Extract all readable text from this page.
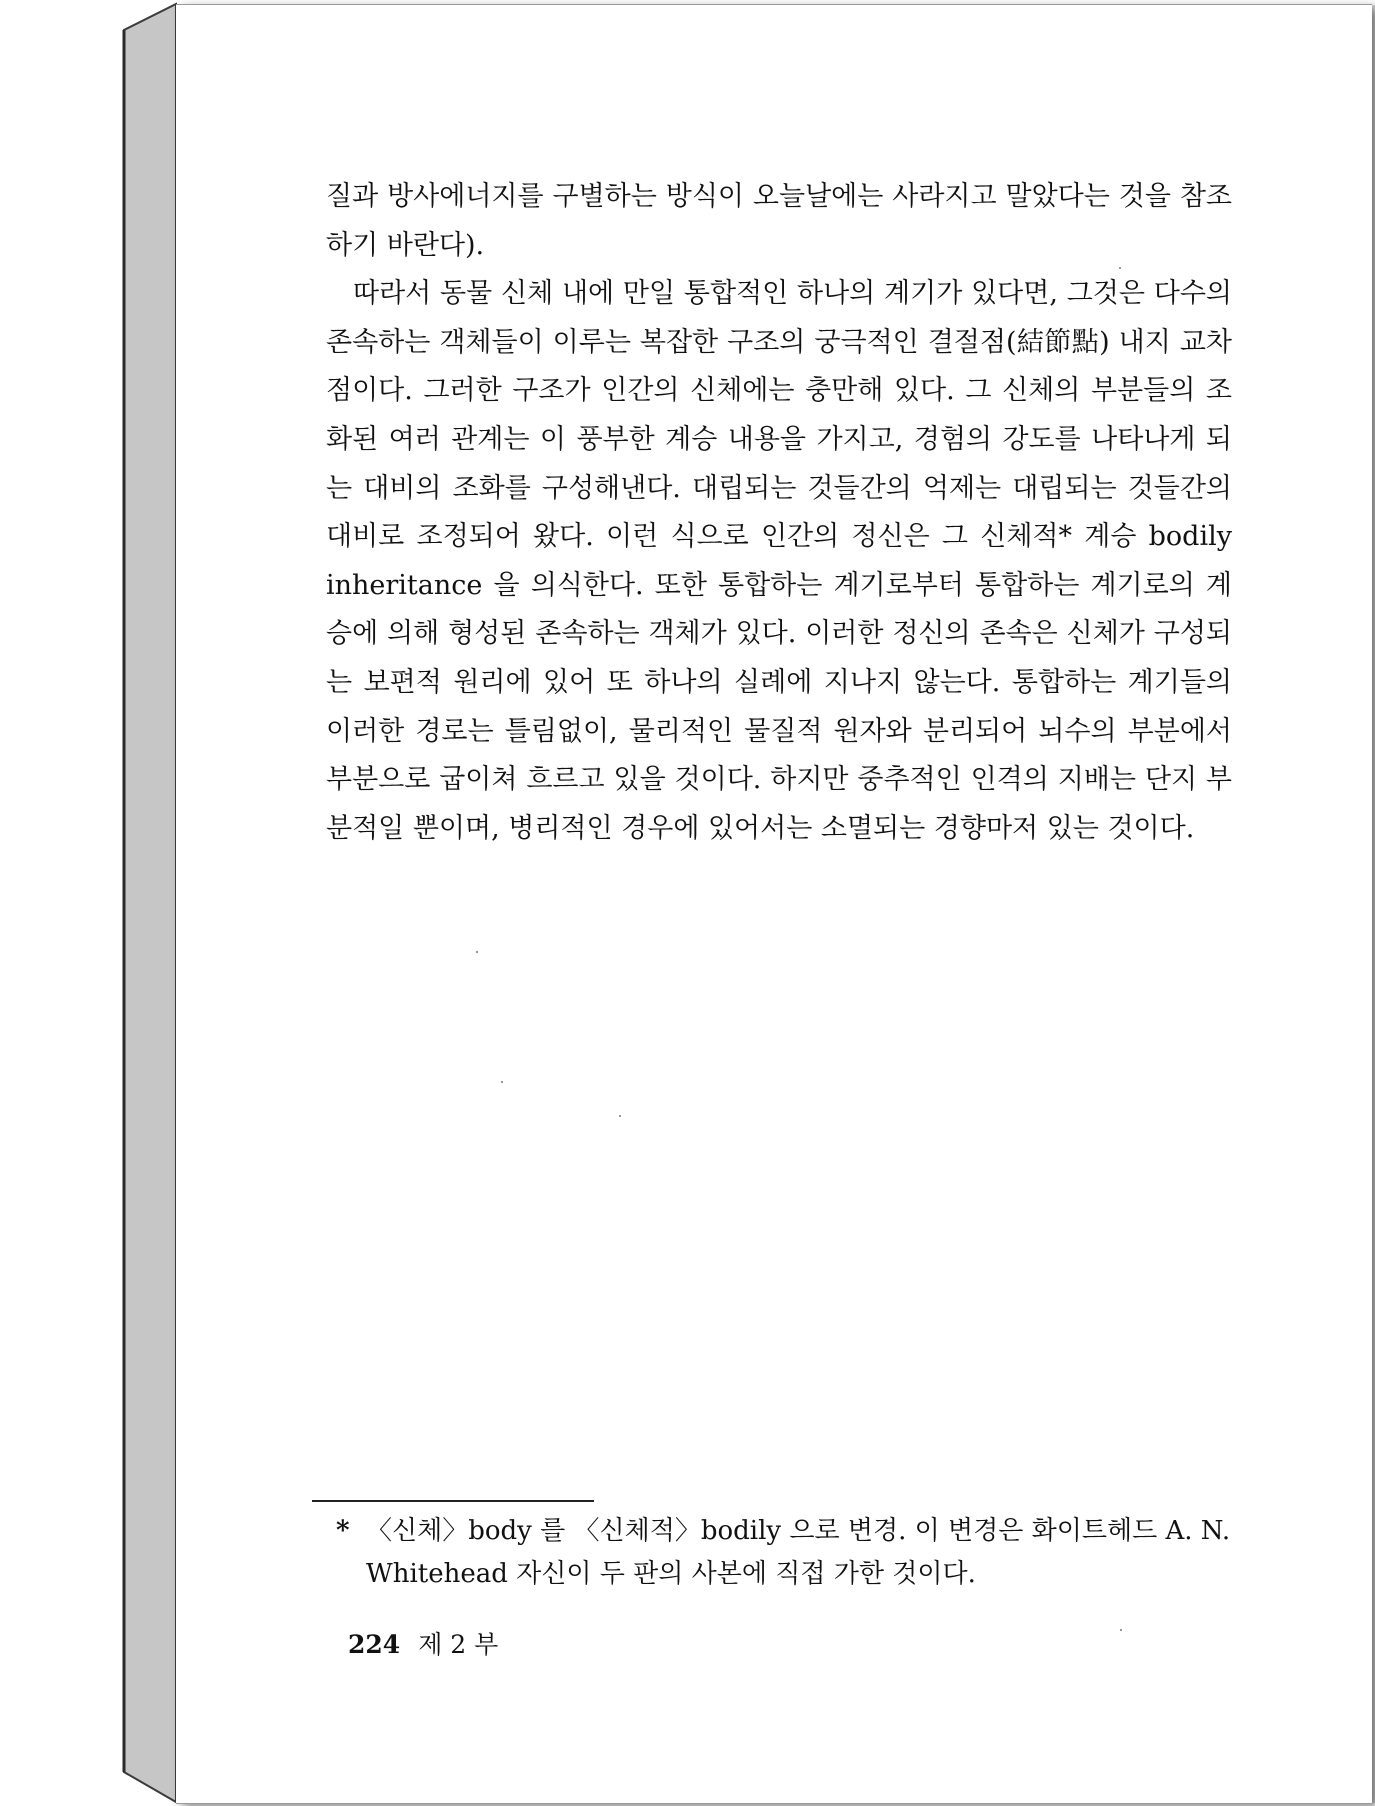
질과 방사에너지를 구별하는 방식이 오늘날에는 사라지고 말았다는 것을 참조하기 바란다).

따라서 동물 신체 내에 만일 통합적인 하나의 계기가 있다면, 그것은 다수의 존속하는 객체들이 이루는 복잡한 구조의 궁극적인 결절점(結節點) 내지 교차점이다. 그러한 구조가 인간의 신체에는 충만해 있다. 그 신체의 부분들의 조화된 여러 관계는 이 풍부한 계승 내용을 가지고, 경험의 강도를 나타나게 되는 대비의 조화를 구성해낸다. 대립되는 것들간의 억제는 대립되는 것들간의 대비로 조정되어 왔다. 이런 식으로 인간의 정신은 그 신체적* 계승 bodily inheritance 을 의식한다. 또한 통합하는 계기로부터 통합하는 계기로의 계승에 의해 형성된 존속하는 객체가 있다. 이러한 정신의 존속은 신체가 구성되는 보편적 원리에 있어 또 하나의 실례에 지나지 않는다. 통합하는 계기들의 이러한 경로는 틀림없이, 물리적인 물질적 원자와 분리되어 뇌수의 부분에서 부분으로 굽이쳐 흐르고 있을 것이다. 하지만 중추적인 인격의 지배는 단지 부분적일 뿐이며, 병리적인 경우에 있어서는 소멸되는 경향마저 있는 것이다.

* 〈신체〉body 를 〈신체적〉bodily 으로 변경. 이 변경은 화이트헤드 A. N.
Whitehead 자신이 두 판의 사본에 직접 가한 것이다.
224 제 2 부
